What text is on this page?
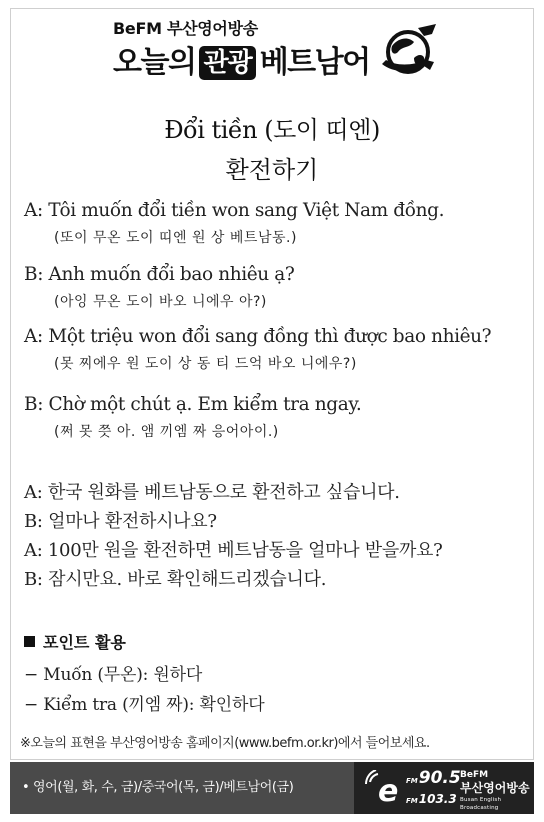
BeFM 부산영어방송
오늘의 관광 베트남어
Đổi tiền (도이 띠엔)
환전하기
A: Tôi muốn đổi tiền won sang Việt Nam đồng.
(또이 무온 도이 띠엔 원 상 베트남동.)
B: Anh muốn đổi bao nhiêu ạ?
(아잉 무온 도이 바오 니에우 아?)
A: Một triệu won đổi sang đồng thì được bao nhiêu?
(못 찌에우 원 도이 상 동 티 드억 바오 니에우?)
B: Chờ một chút ạ. Em kiểm tra ngay.
(쩌 못 쯧 아. 앰 끼엠 짜 응어아이.)
A: 한국 원화를 베트남동으로 환전하고 싶습니다.
B: 얼마나 환전하시나요?
A: 100만 원을 환전하면 베트남동을 얼마나 받을까요?
B: 잠시만요. 바로 확인해드리겠습니다.
포인트 활용
− Muốn (무온): 원하다
− Kiểm tra (끼엠 짜): 확인하다
※오늘의 표현을 부산영어방송 홈페이지(www.befm.or.kr)에서 들어보세요.
• 영어(월, 화, 수, 금)/중국어(목, 금)/베트남어(금)	e FM90.5
FM103.3
BeFM
부산영어방송
Busan English Broadcasting
